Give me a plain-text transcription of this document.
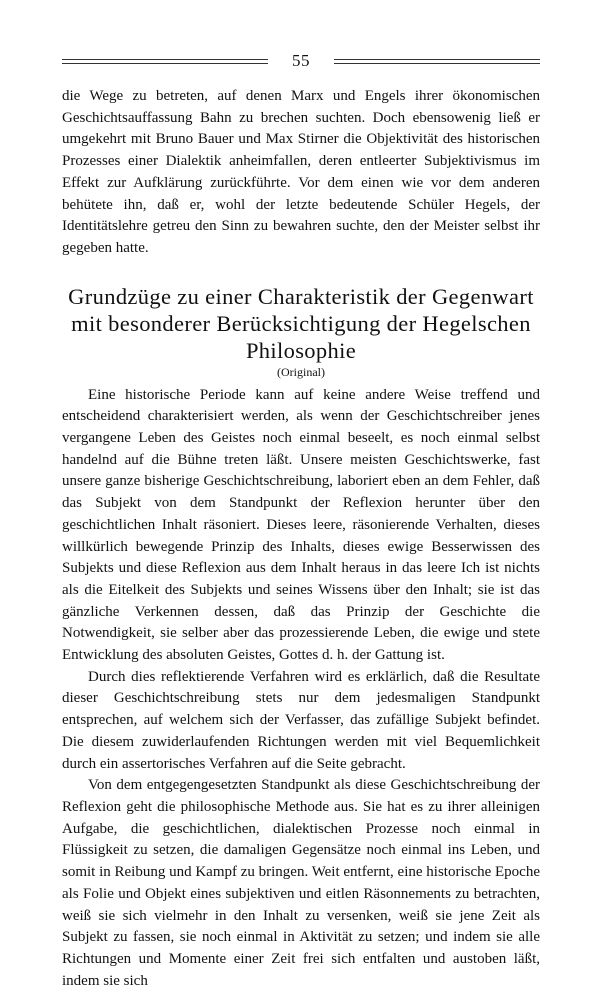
55

die Wege zu betreten, auf denen Marx und Engels ihrer ökonomischen Geschichtsauffassung Bahn zu brechen suchten. Doch ebensowenig ließ er umgekehrt mit Bruno Bauer und Max Stirner die Objektivität des historischen Prozesses einer Dialektik anheimfallen, deren entleerter Subjektivismus im Effekt zur Aufklärung zurückführte. Vor dem einen wie vor dem anderen behütete ihn, daß er, wohl der letzte bedeutende Schüler Hegels, der Identitätslehre getreu den Sinn zu bewahren suchte, den der Meister selbst ihr gegeben hatte.

Grundzüge zu einer Charakteristik der Gegenwart mit besonderer Berücksichtigung der Hegelschen Philosophie
(Original)

Eine historische Periode kann auf keine andere Weise treffend und entscheidend charakterisiert werden, als wenn der Geschichtschreiber jenes vergangene Leben des Geistes noch einmal beseelt, es noch einmal selbst handelnd auf die Bühne treten läßt. Unsere meisten Geschichtswerke, fast unsere ganze bisherige Geschichtschreibung, laboriert eben an dem Fehler, daß das Subjekt von dem Standpunkt der Reflexion herunter über den geschichtlichen Inhalt räsoniert. Dieses leere, räsonierende Verhalten, dieses willkürlich bewegende Prinzip des Inhalts, dieses ewige Besserwissen des Subjekts und diese Reflexion aus dem Inhalt heraus in das leere Ich ist nichts als die Eitelkeit des Subjekts und seines Wissens über den Inhalt; sie ist das gänzliche Verkennen dessen, daß das Prinzip der Geschichte die Notwendigkeit, sie selber aber das prozessierende Leben, die ewige und stete Entwicklung des absoluten Geistes, Gottes d. h. der Gattung ist.

Durch dies reflektierende Verfahren wird es erklärlich, daß die Resultate dieser Geschichtschreibung stets nur dem jedesmaligen Standpunkt entsprechen, auf welchem sich der Verfasser, das zufällige Subjekt befindet. Die diesem zuwiderlaufenden Richtungen werden mit viel Bequemlichkeit durch ein assertorisches Verfahren auf die Seite gebracht.

Von dem entgegengesetzten Standpunkt als diese Geschichtschreibung der Reflexion geht die philosophische Methode aus. Sie hat es zu ihrer alleinigen Aufgabe, die geschichtlichen, dialektischen Prozesse noch einmal in Flüssigkeit zu setzen, die damaligen Gegensätze noch einmal ins Leben, und somit in Reibung und Kampf zu bringen. Weit entfernt, eine historische Epoche als Folie und Objekt eines subjektiven und eitlen Räsonnements zu betrachten, weiß sie sich vielmehr in den Inhalt zu versenken, weiß sie jene Zeit als Subjekt zu fassen, sie noch einmal in Aktivität zu setzen; und indem sie alle Richtungen und Momente einer Zeit frei sich entfalten und austoben läßt, indem sie sich
